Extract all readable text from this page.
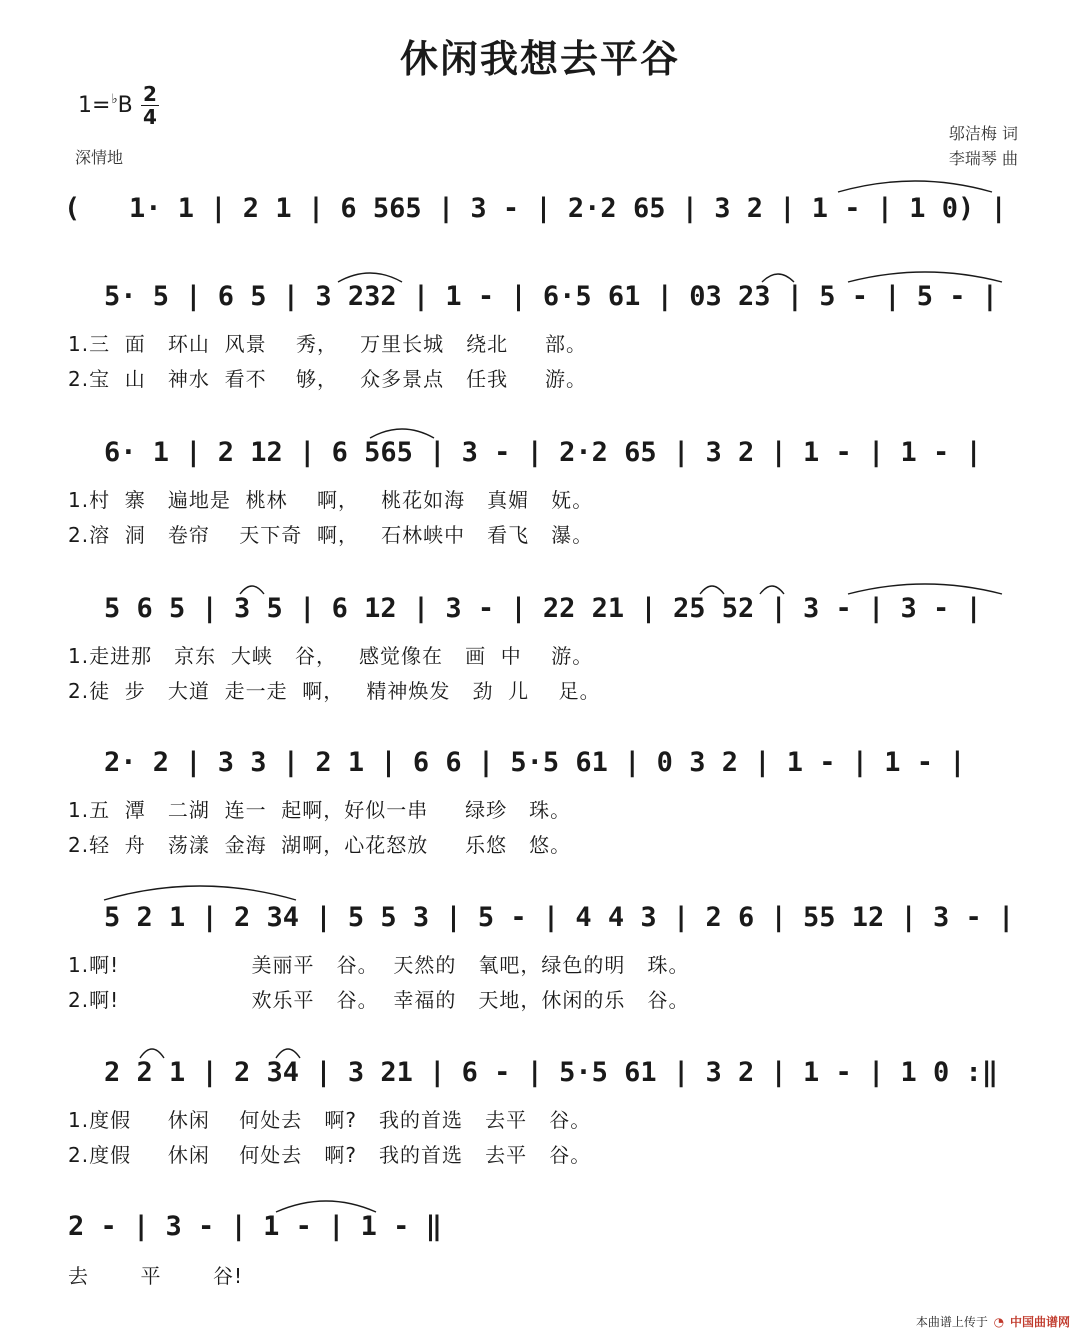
休闲我想去平谷
1=♭B 2
4
深情地
邬洁梅 词
李瑞琴 曲

(   1· 1 | 2 1 | 6 565 | 3 - | 2·2 65 | 3 2 | 1 - | 1 0) |

5· 5 | 6 5 | 3 232 | 1 - | 6·5 61 | 03 23 | 5 - | 5 - |

1.三  面   环山  风景    秀，   万里长城   绕北     部。
2.宝  山   神水  看不    够，   众多景点   任我     游。

6· 1 | 2 12 | 6 565 | 3 - | 2·2 65 | 3 2 | 1 - | 1 - |

1.村  寨   遍地是  桃林    啊，   桃花如海   真媚   妩。
2.溶  洞   卷帘    天下奇  啊，   石林峡中   看飞   瀑。

5 6 5 | 3 5 | 6 12 | 3 - | 22 21 | 25 52 | 3 - | 3 - |

1.走进那   京东  大峡   谷，   感觉像在   画  中    游。
2.徒  步   大道  走一走  啊，   精神焕发   劲  儿    足。

2· 2 | 3 3 | 2 1 | 6 6 | 5·5 61 | 0 3 2 | 1 - | 1 - |

1.五  潭   二湖  连一  起啊，好似一串     绿珍   珠。
2.轻  舟   荡漾  金海  湖啊，心花怒放     乐悠   悠。

5 2 1 | 2 34 | 5 5 3 | 5 - | 4 4 3 | 2 6 | 55 12 | 3 - |

1.啊!                  美丽平   谷。  天然的   氧吧，绿色的明   珠。
2.啊!                  欢乐平   谷。  幸福的   天地，休闲的乐   谷。

2 2 1 | 2 34 | 3 21 | 6 - | 5·5 61 | 3 2 | 1 - | 1 0 :‖

1.度假     休闲    何处去   啊?   我的首选   去平   谷。
2.度假     休闲    何处去   啊?   我的首选   去平   谷。

2 - | 3 - | 1 - | 1 - ‖

去       平       谷!
本曲谱上传于 ◔ 中国曲谱网
